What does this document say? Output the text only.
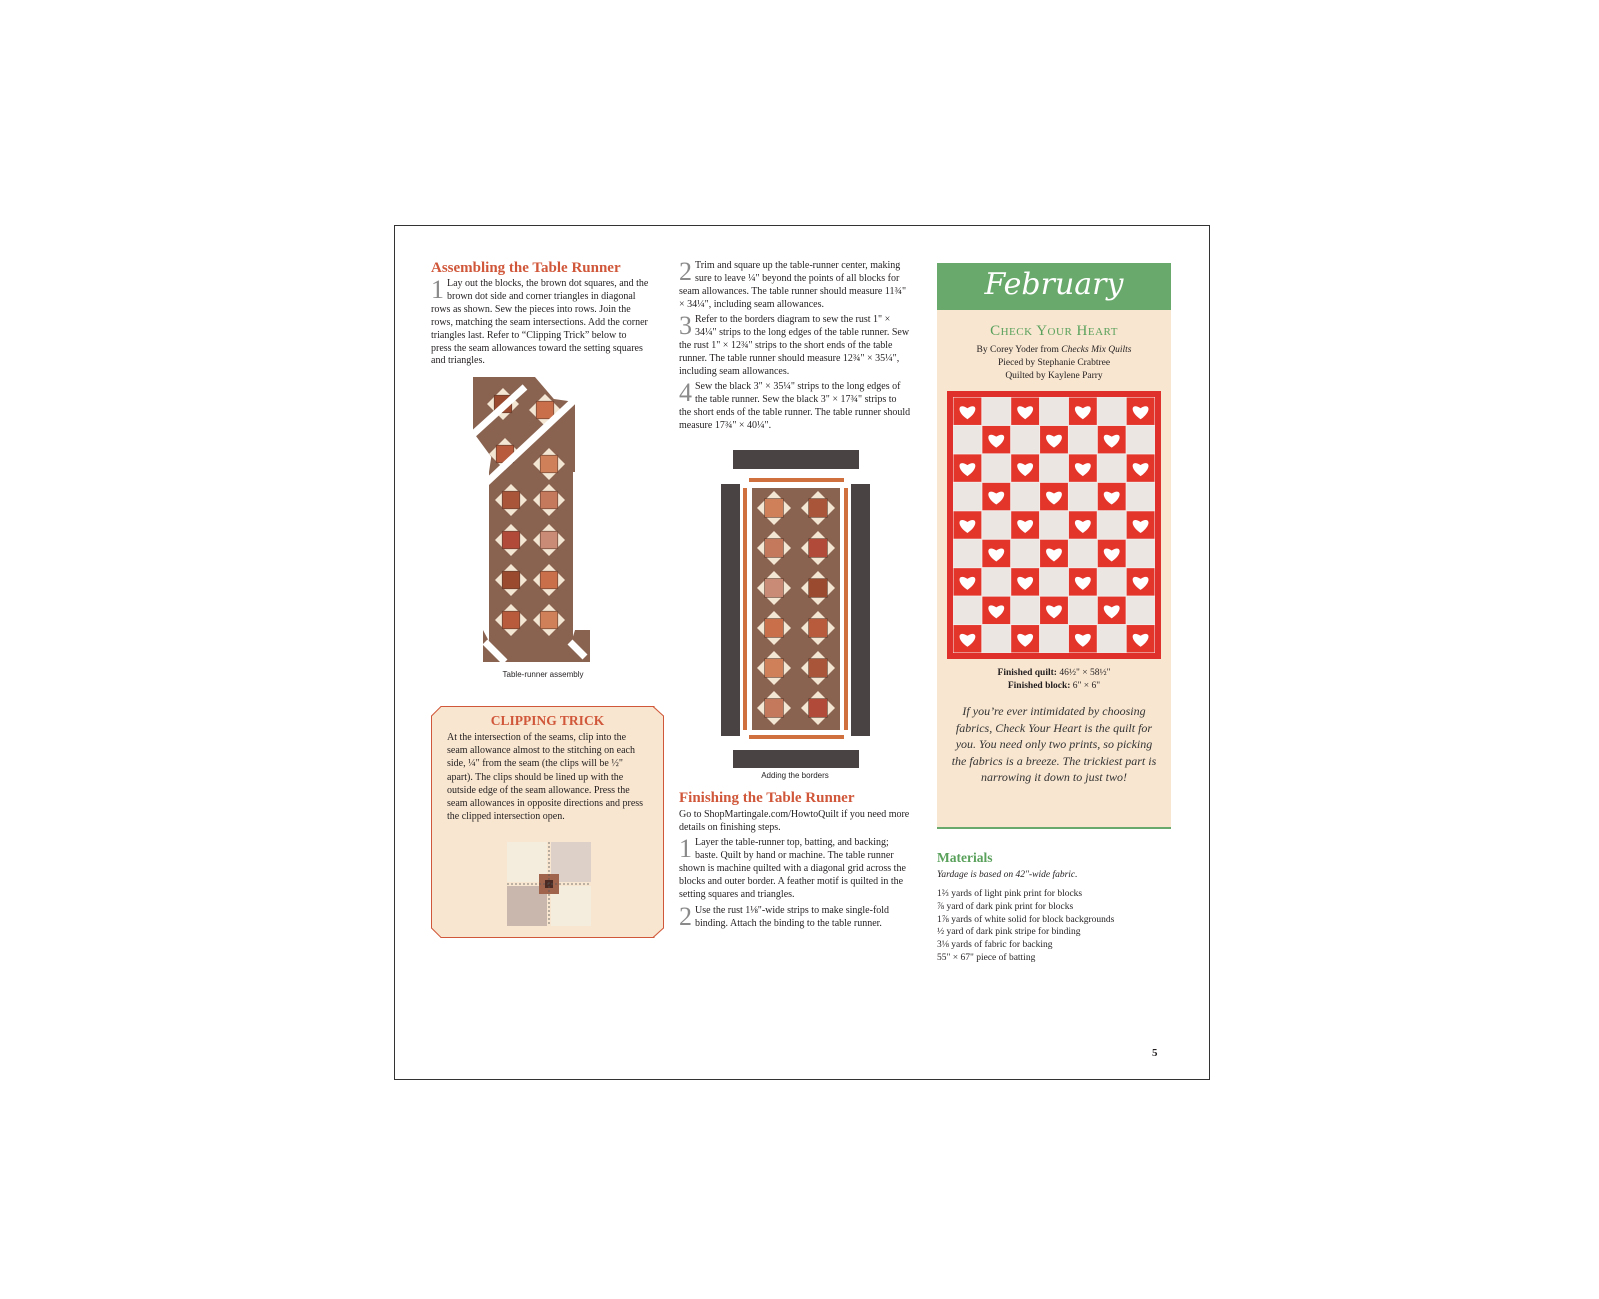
Assembling the Table Runner
1 Lay out the blocks, the brown dot squares, and the brown dot side and corner triangles in diagonal rows as shown. Sew the pieces into rows. Join the rows, matching the seam intersections. Add the corner triangles last. Refer to “Clipping Trick” below to press the seam allowances toward the setting squares and triangles.
Table-runner assembly
CLIPPING TRICK
At the intersection of the seams, clip into the seam allowance almost to the stitching on each side, ¼" from the seam (the clips will be ½" apart). The clips should be lined up with the outside edge of the seam allowance. Press the seam allowances in opposite directions and press the clipped intersection open.
2 Trim and square up the table-runner center, making sure to leave ¼" beyond the points of all blocks for seam allowances. The table runner should measure 11¾" × 34¼", including seam allowances.
3 Refer to the borders diagram to sew the rust 1" × 34¼" strips to the long edges of the table runner. Sew the rust 1" × 12¾" strips to the short ends of the table runner. The table runner should measure 12¾" × 35¼", including seam allowances.
4 Sew the black 3" × 35¼" strips to the long edges of the table runner. Sew the black 3" × 17¾" strips to the short ends of the table runner. The table runner should measure 17¾" × 40¼".
Adding the borders
Finishing the Table Runner
Go to ShopMartingale.com/HowtoQuilt if you need more details on finishing steps.
1 Layer the table-runner top, batting, and backing; baste. Quilt by hand or machine. The table runner shown is machine quilted with a diagonal grid across the blocks and outer border. A feather motif is quilted in the setting squares and triangles.
2 Use the rust 1⅛"-wide strips to make single-fold binding. Attach the binding to the table runner.
February
Check Your Heart
By Corey Yoder from Checks Mix Quilts
Pieced by Stephanie Crabtree
Quilted by Kaylene Parry
Finished quilt: 46½" × 58½"
Finished block: 6" × 6"
If you’re ever intimidated by choosing fabrics, Check Your Heart is the quilt for you. You need only two prints, so picking the fabrics is a breeze. The trickiest part is narrowing it down to just two!
Materials
Yardage is based on 42"-wide fabric.
1⅔ yards of light pink print for blocks
⅞ yard of dark pink print for blocks
1⅞ yards of white solid for block backgrounds
½ yard of dark pink stripe for binding
3⅛ yards of fabric for backing
55" × 67" piece of batting
5
